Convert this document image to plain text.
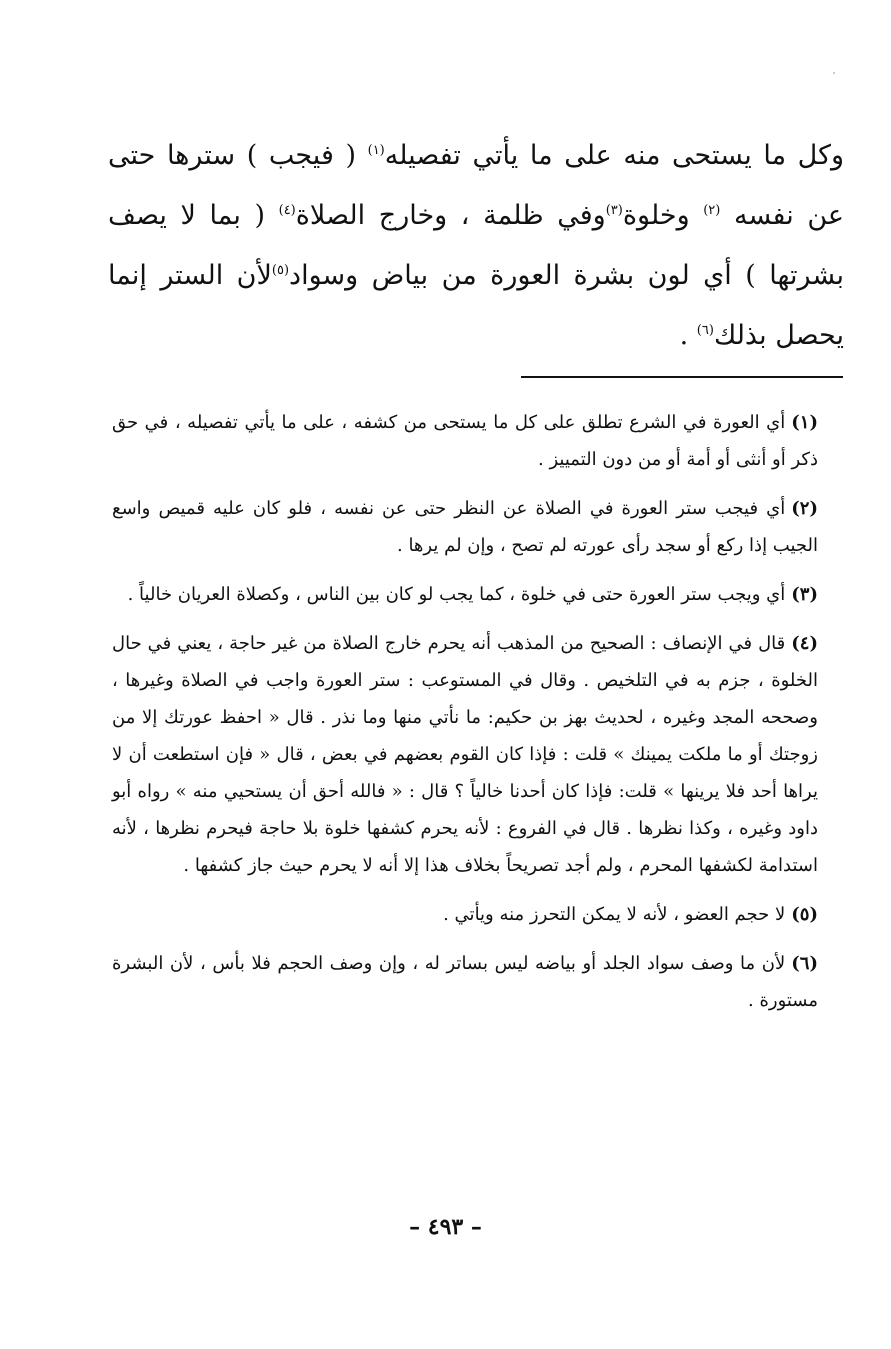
وكل ما يستحى منه على ما يأتي تفصيله$^{(١)}$ ( فيجب ) سترها حتى عن نفسه $^{(٢)}$ وخلوة$^{(٣)}$وفي ظلمة ، وخارج الصلاة$^{(٤)}$ ( بما لا يصف بشرتها ) أي لون بشرة العورة من بياض وسواد$^{(٥)}$لأن الستر إنما يحصل بذلك$^{(٦)}$ .

(١)أي العورة في الشرع تطلق على كل ما يستحى من كشفه ، على ما يأتي تفصيله ، في حق ذكر أو أنثى أو أمة أو من دون التمييز .

(٢)أي فيجب ستر العورة في الصلاة عن النظر حتى عن نفسه ، فلو كان عليه قميص واسع الجيب إذا ركع أو سجد رأى عورته لم تصح ، وإن لم يرها .

(٣)أي ويجب ستر العورة حتى في خلوة ، كما يجب لو كان بين الناس ، وكصلاة العريان خالياً .

(٤)قال في الإنصاف : الصحيح من المذهب أنه يحرم خارج الصلاة من غير حاجة ، يعني في حال الخلوة ، جزم به في التلخيص . وقال في المستوعب : ستر العورة واجب في الصلاة وغيرها ، وصححه المجد وغيره ، لحديث بهز بن حكيم: ما نأتي منها وما نذر . قال « احفظ عورتك إلا من زوجتك أو ما ملكت يمينك » قلت : فإذا كان القوم بعضهم في بعض ، قال « فإن استطعت أن لا يراها أحد فلا يرينها » قلت: فإذا كان أحدنا خالياً ؟ قال : « فالله أحق أن يستحيي منه » رواه أبو داود وغيره ، وكذا نظرها . قال في الفروع : لأنه يحرم كشفها خلوة بلا حاجة فيحرم نظرها ، لأنه استدامة لكشفها المحرم ، ولم أجد تصريحاً بخلاف هذا إلا أنه لا يحرم حيث جاز كشفها .

(٥)لا حجم العضو ، لأنه لا يمكن التحرز منه ويأتي .

(٦)لأن ما وصف سواد الجلد أو بياضه ليس بساتر له ، وإن وصف الحجم فلا بأس ، لأن البشرة مستورة .

– ٤٩٣ –
